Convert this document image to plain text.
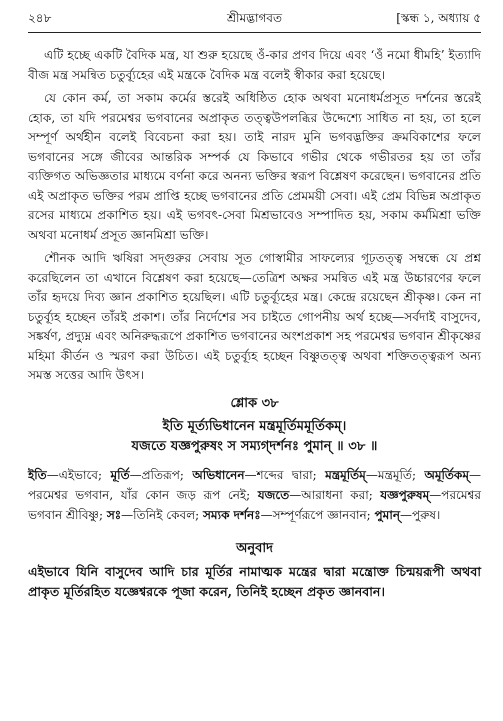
২৪৮	শ্রীমদ্ভাগবত	[স্কন্ধ ১, অধ্যায় ৫

এটি হচ্ছে একটি বৈদিক মন্ত্র, যা শুরু হয়েছে ওঁ-কার প্রণব দিয়ে এবং ‘ওঁ নমো ধীমহি’ ইত্যাদি বীজ মন্ত্র সমন্বিত চতুর্ব্যূহের এই মন্ত্রকে বৈদিক মন্ত্র বলেই স্বীকার করা হয়েছে।

যে কোন কর্ম, তা সকাম কর্মের স্তরেই অধিষ্ঠিত হোক অথবা মনোধর্মপ্রসূত দর্শনের স্তরেই হোক, তা যদি পরমেশ্বর ভগবানের অপ্রাকৃত তত্ত্বউপলব্ধির উদ্দেশ্যে সাধিত না হয়, তা হলে সম্পূর্ণ অর্থহীন বলেই বিবেচনা করা হয়। তাই নারদ মুনি ভগবদ্ভক্তির ক্রমবিকাশের ফলে ভগবানের সঙ্গে জীবের আন্তরিক সম্পর্ক যে কিভাবে গভীর থেকে গভীরতর হয় তা তাঁর ব্যক্তিগত অভিজ্ঞতার মাধ্যমে বর্ণনা করে অনন্য ভক্তির স্বরূপ বিশ্লেষণ করেছেন। ভগবানের প্রতি এই অপ্রাকৃত ভক্তির পরম প্রাপ্তি হচ্ছে ভগবানের প্রতি প্রেমময়ী সেবা। এই প্রেম বিভিন্ন অপ্রাকৃত রসের মাধ্যমে প্রকাশিত হয়। এই ভগবৎ-সেবা মিশ্রভাবেও সম্পাদিত হয়, সকাম কর্মমিশ্রা ভক্তি অথবা মনোধর্ম প্রসূত জ্ঞানমিশ্রা ভক্তি।

শৌনক আদি ঋষিরা সদ্গুরুর সেবায় সূত গোস্বামীর সাফল্যের গূঢ়তত্ত্ব সম্বন্ধে যে প্রশ্ন করেছিলেন তা এখানে বিশ্লেষণ করা হয়েছে—তেত্রিশ অক্ষর সমন্বিত এই মন্ত্র উচ্চারণের ফলে তাঁর হৃদয়ে দিব্য জ্ঞান প্রকাশিত হয়েছিল। এটি চতুর্ব্যূহের মন্ত্র। কেন্দ্রে রয়েছেন শ্রীকৃষ্ণ। কেন না চতুর্ব্যূহ হচ্ছেন তাঁরই প্রকাশ। তাঁর নির্দেশের সব চাইতে গোপনীয় অর্থ হচ্ছে—সর্বদাই বাসুদেব, সঙ্কর্ষণ, প্রদ্যুম্ন এবং অনিরুদ্ধরূপে প্রকাশিত ভগবানের অংশপ্রকাশ সহ পরমেশ্বর ভগবান শ্রীকৃষ্ণের মহিমা কীর্তন ও স্মরণ করা উচিত। এই চতুর্ব্যূহ হচ্ছেন বিষ্ণুতত্ত্ব অথবা শক্তিতত্ত্বরূপ অন্য সমস্ত সত্তের আদি উৎস।

শ্লোক ৩৮

ইতি মূর্ত্যভিধানেন মন্ত্রমূর্তিমমূর্তিকম্।

যজতে যজ্ঞপুরুষং স সম্যগ্‌দর্শনঃ পুমান্ ॥ ৩৮ ॥

ইতি—এইভাবে; মূর্তি—প্রতিরূপ; অভিধানেন—শব্দের দ্বারা; মন্ত্রমূর্তিম্—মন্ত্রমূর্তি; অমূর্তিকম্—পরমেশ্বর ভগবান, যাঁর কোন জড় রূপ নেই; যজতে—আরাধনা করা; যজ্ঞপুরুষম্—পরমেশ্বর ভগবান শ্রীবিষ্ণু; সঃ—তিনিই কেবল; সম্যক দর্শনঃ—সম্পূর্ণরূপে জ্ঞানবান; পুমান্—পুরুষ।
অনুবাদ

এইভাবে যিনি বাসুদেব আদি চার মূর্তির নামাত্মক মন্ত্রের দ্বারা মন্ত্রোক্ত চিন্ময়রূপী অথবা প্রাকৃত মূর্তিরহিত যজ্ঞেশ্বরকে পূজা করেন, তিনিই হচ্ছেন প্রকৃত জ্ঞানবান।
